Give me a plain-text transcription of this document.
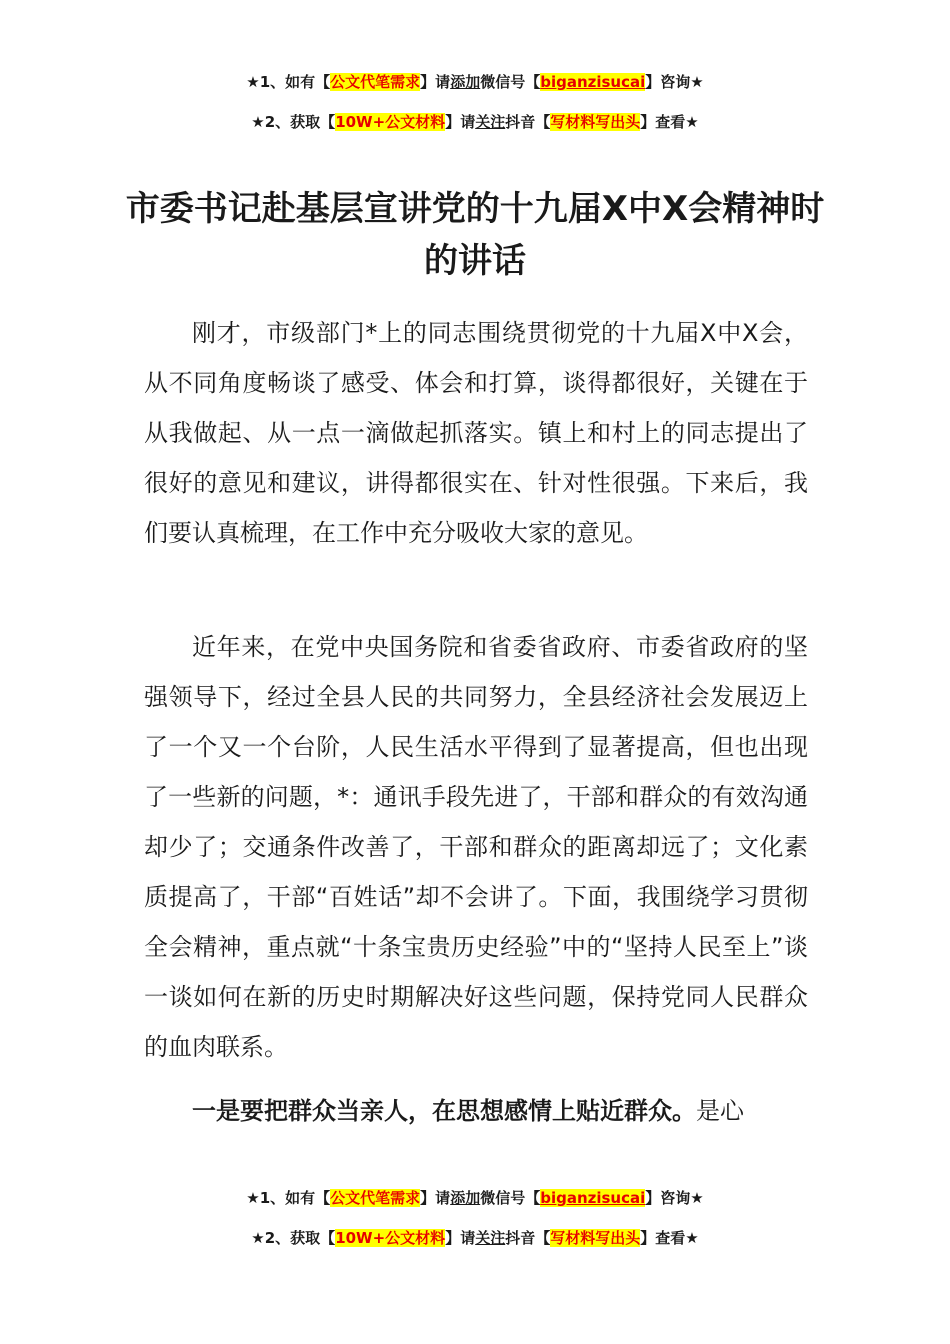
★1、如有【公文代笔需求】请添加微信号【biganzisucai】咨询★
★2、获取【10W+公文材料】请关注抖音【写材料写出头】查看★
市委书记赴基层宣讲党的十九届X中X会精神时的讲话

刚才，市级部门*上的同志围绕贯彻党的十九届X中X会，从不同角度畅谈了感受、体会和打算，谈得都很好，关键在于从我做起、从一点一滴做起抓落实。镇上和村上的同志提出了很好的意见和建议，讲得都很实在、针对性很强。下来后，我们要认真梳理，在工作中充分吸收大家的意见。

近年来，在党中央国务院和省委省政府、市委省政府的坚强领导下，经过全县人民的共同努力，全县经济社会发展迈上了一个又一个台阶，人民生活水平得到了显著提高，但也出现了一些新的问题，*：通讯手段先进了，干部和群众的有效沟通却少了；交通条件改善了，干部和群众的距离却远了；文化素质提高了，干部“百姓话”却不会讲了。下面，我围绕学习贯彻全会精神，重点就“十条宝贵历史经验”中的“坚持人民至上”谈一谈如何在新的历史时期解决好这些问题，保持党同人民群众的血肉联系。

一是要把群众当亲人，在思想感情上贴近群众。是心

★1、如有【公文代笔需求】请添加微信号【biganzisucai】咨询★
★2、获取【10W+公文材料】请关注抖音【写材料写出头】查看★
